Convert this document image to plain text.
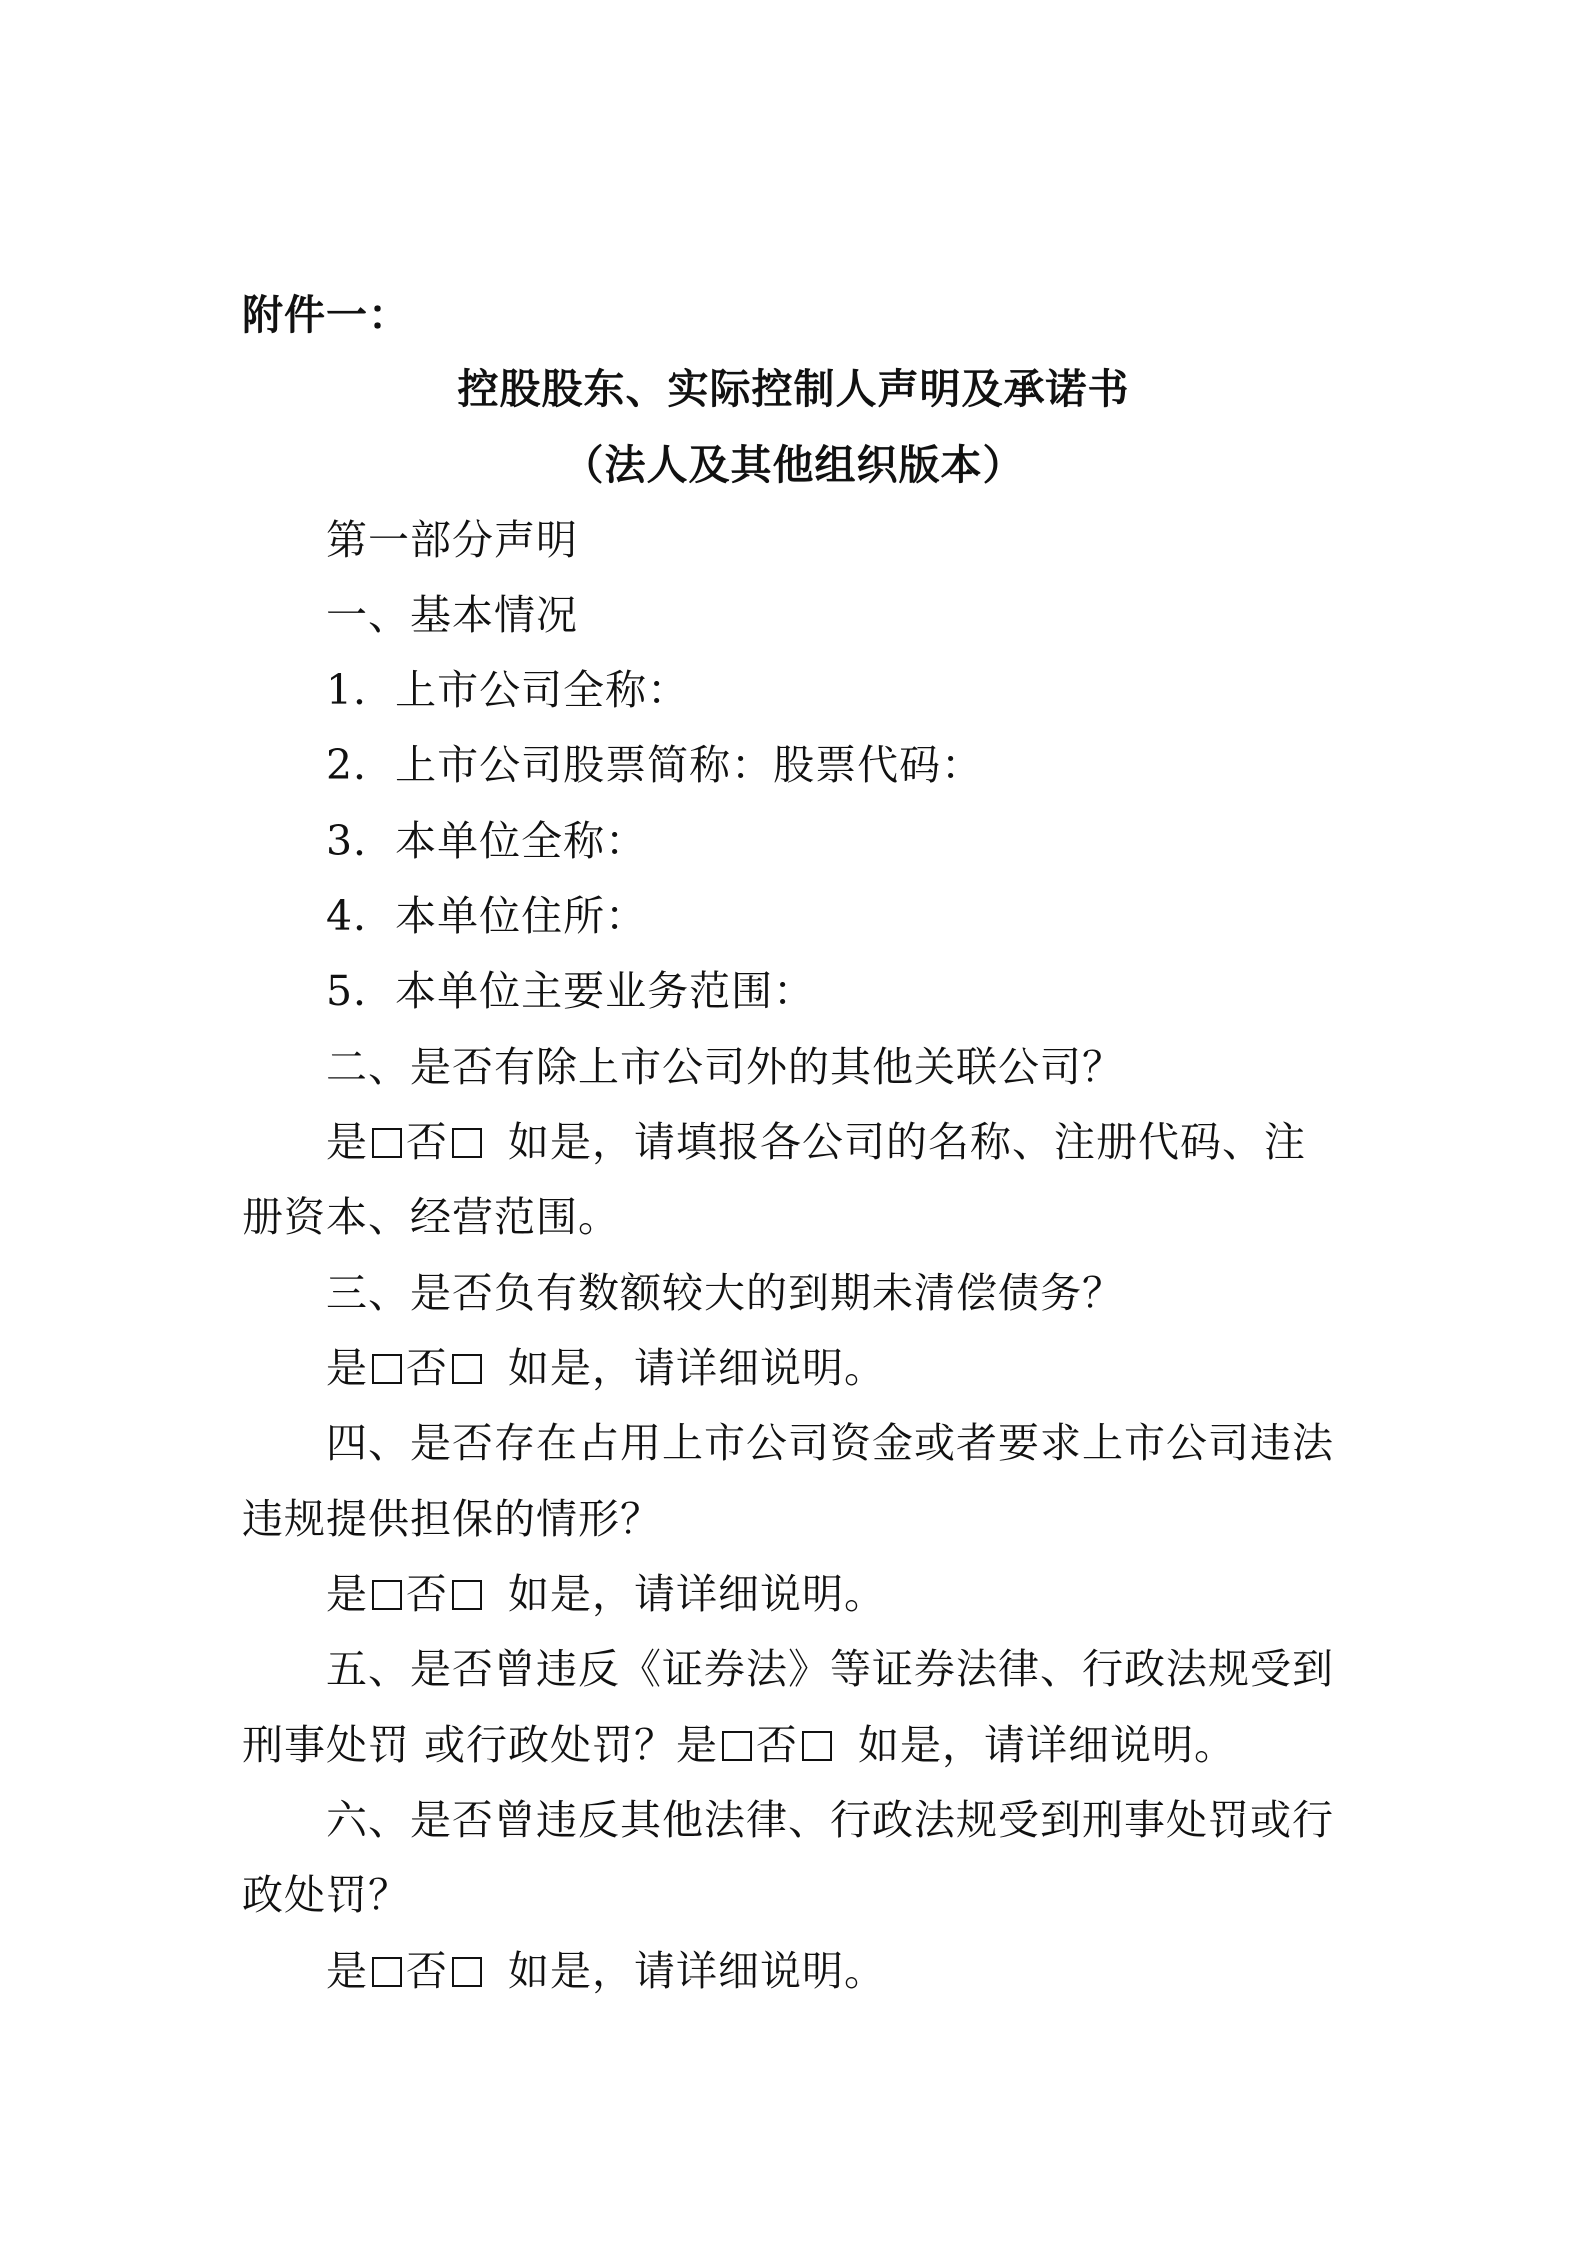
附件一：
控股股东、实际控制人声明及承诺书
（法人及其他组织版本）
第一部分声明
一、基本情况
1．上市公司全称：
2．上市公司股票简称：股票代码：
3．本单位全称：
4．本单位住所：
5．本单位主要业务范围：
二、是否有除上市公司外的其他关联公司？
是 否 如是，请填报各公司的名称、注册代码、注
册资本、经营范围。
三、是否负有数额较大的到期未清偿债务？
是 否 如是，请详细说明。
四、是否存在占用上市公司资金或者要求上市公司违法
违规提供担保的情形？
是 否 如是，请详细说明。
五、是否曾违反《证券法》等证券法律、行政法规受到
刑事处罚 或行政处罚？是 否 如是，请详细说明。
六、是否曾违反其他法律、行政法规受到刑事处罚或行
政处罚？
是 否 如是，请详细说明。
